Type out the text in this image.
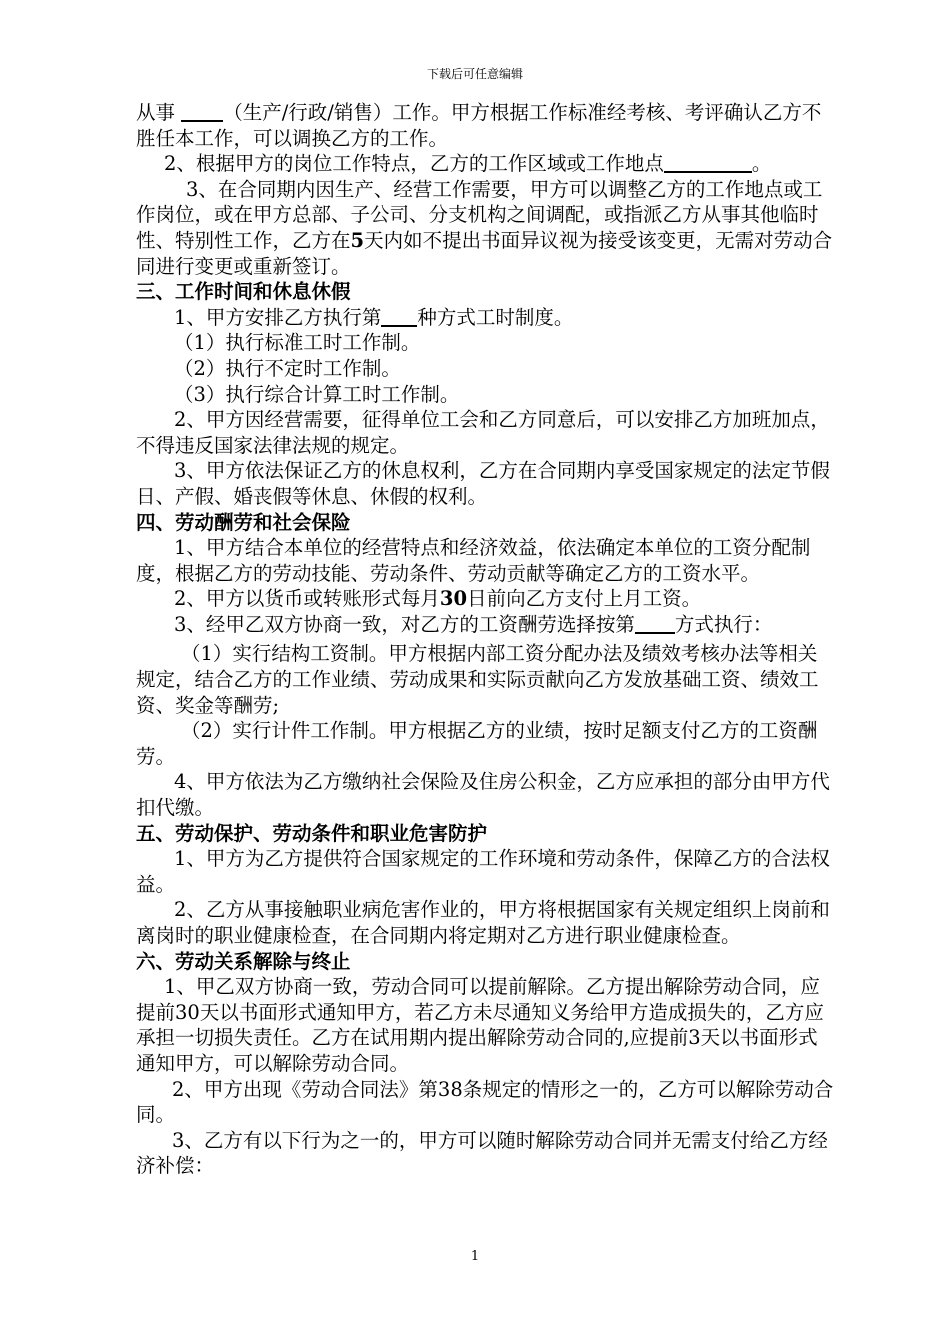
下载后可任意编辑

从事 （生产/行政/销售）工作。甲方根据工作标准经考核、考评确认乙方不胜任本工作，可以调换乙方的工作。

2、根据甲方的岗位工作特点，乙方的工作区域或工作地点	。

3、在合同期内因生产、经营工作需要，甲方可以调整乙方的工作地点或工作岗位，或在甲方总部、子公司、分支机构之间调配，或指派乙方从事其他临时性、特别性工作，乙方在5天内如不提出书面异议视为接受该变更，无需对劳动合同进行变更或重新签订。

三、工作时间和休息休假

1、甲方安排乙方执行第 种方式工时制度。

（1）执行标准工时工作制。

（2）执行不定时工作制。

（3）执行综合计算工时工作制。

2、甲方因经营需要，征得单位工会和乙方同意后，可以安排乙方加班加点，不得违反国家法律法规的规定。

3、甲方依法保证乙方的休息权利，乙方在合同期内享受国家规定的法定节假日、产假、婚丧假等休息、休假的权利。

四、劳动酬劳和社会保险

1、甲方结合本单位的经营特点和经济效益，依法确定本单位的工资分配制度，根据乙方的劳动技能、劳动条件、劳动贡献等确定乙方的工资水平。

2、甲方以货币或转账形式每月30日前向乙方支付上月工资。

3、经甲乙双方协商一致，对乙方的工资酬劳选择按第 方式执行：

（1）实行结构工资制。甲方根据内部工资分配办法及绩效考核办法等相关规定，结合乙方的工作业绩、劳动成果和实际贡献向乙方发放基础工资、绩效工资、奖金等酬劳;

（2）实行计件工作制。甲方根据乙方的业绩，按时足额支付乙方的工资酬劳。

4、甲方依法为乙方缴纳社会保险及住房公积金，乙方应承担的部分由甲方代扣代缴。

五、劳动保护、劳动条件和职业危害防护

1、甲方为乙方提供符合国家规定的工作环境和劳动条件，保障乙方的合法权益。

2、乙方从事接触职业病危害作业的，甲方将根据国家有关规定组织上岗前和离岗时的职业健康检查，在合同期内将定期对乙方进行职业健康检查。

六、劳动关系解除与终止

1、甲乙双方协商一致，劳动合同可以提前解除。乙方提出解除劳动合同，应提前30天以书面形式通知甲方，若乙方未尽通知义务给甲方造成损失的，乙方应承担一切损失责任。乙方在试用期内提出解除劳动合同的,应提前3天以书面形式通知甲方，可以解除劳动合同。

2、甲方出现《劳动合同法》第38条规定的情形之一的，乙方可以解除劳动合同。

3、乙方有以下行为之一的，甲方可以随时解除劳动合同并无需支付给乙方经济补偿：

1
